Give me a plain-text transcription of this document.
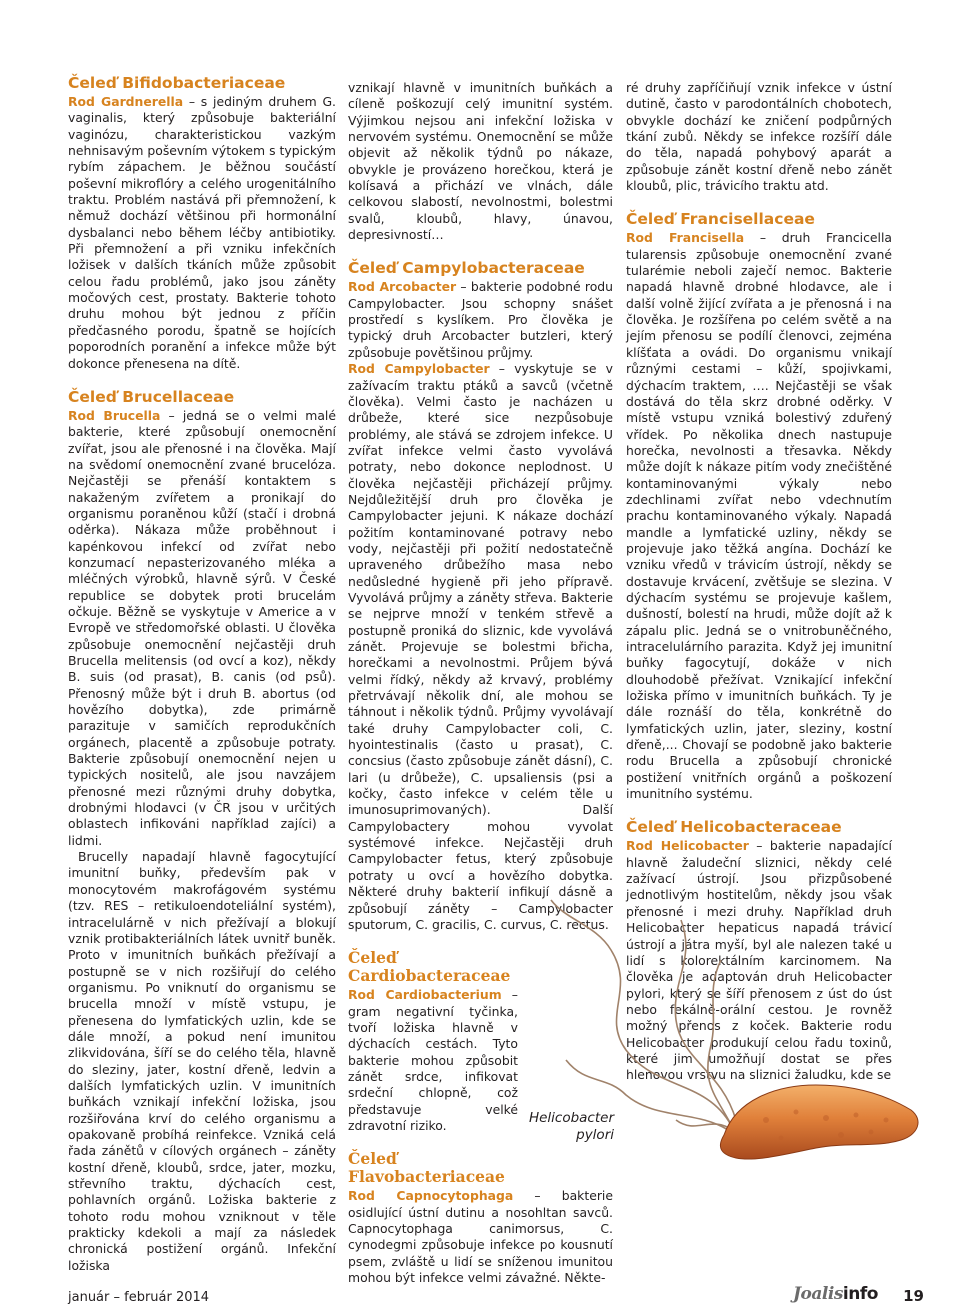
Čeleď Bifidobacteriaceae

Rod Gardnerella – s jediným druhem G. vaginalis, který způsobuje bakteriální vaginózu, charakteristickou vazkým nehnisavým poševním výtokem s typickým rybím zápachem. Je běžnou součástí poševní mikroflóry a celého urogenitálního traktu. Problém nastává při přemnožení, k němuž dochází většinou při hormonální dysbalanci nebo během léčby antibiotiky. Při přemnožení a při vzniku infekčních ložisek v dalších tkáních může způsobit celou řadu problémů, jako jsou záněty močových cest, prostaty. Bakterie tohoto druhu mohou být jednou z příčin předčasného porodu, špatně se hojících poporodních poranění a infekce může být dokonce přenesena na dítě.

Čeleď Brucellaceae

Rod Brucella – jedná se o velmi malé bakterie, které způsobují onemocnění zvířat, jsou ale přenosné i na člověka. Mají na svědomí onemocnění zvané brucelóza. Nejčastěji se přenáší kontaktem s nakaženým zvířetem a pronikají do organismu poraněnou kůží (stačí i drobná oděrka). Nákaza může proběhnout i kapénkovou infekcí od zvířat nebo konzumací nepasterizovaného mléka a mléčných výrobků, hlavně sýrů. V České republice se dobytek proti brucelám očkuje. Běžně se vyskytuje v Americe a v Evropě ve středomořské oblasti. U člověka způsobuje onemocnění nejčastěji druh Brucella melitensis (od ovcí a koz), někdy B. suis (od prasat), B. canis (od psů). Přenosný může být i druh B. abortus (od hovězího dobytka), zde primárně parazituje v samičích reprodukčních orgánech, placentě a způsobuje potraty. Bakterie způsobují onemocnění nejen u typických nositelů, ale jsou navzájem přenosné mezi různými druhy dobytka, drobnými hlodavci (v ČR jsou v určitých oblastech infikováni například zajíci) a lidmi.

Brucelly napadají hlavně fagocytující imunitní buňky, především pak v monocytovém makrofágovém systému (tzv. RES – retikuloendoteliální systém), intracelulárně v nich přežívají a blokují vznik protibakteriálních látek uvnitř buněk. Proto v imunitních buňkách přežívají a postupně se v nich rozšiřují do celého organismu. Po vniknutí do organismu se brucella množí v místě vstupu, je přenesena do lymfatických uzlin, kde se dále množí, a pokud není imunitou zlikvidována, šíří se do celého těla, hlavně do sleziny, jater, kostní dřeně, ledvin a dalších lymfatických uzlin. V imunitních buňkách vznikají infekční ložiska, jsou rozšiřována krví do celého organismu a opakovaně probíhá reinfekce. Vzniká celá řada zánětů v cílových orgánech – záněty kostní dřeně, kloubů, srdce, jater, mozku, střevního traktu, dýchacích cest, pohlavních orgánů. Ložiska bakterie z tohoto rodu mohou vzniknout v těle prakticky kdekoli a mají za následek chronická postižení orgánů. Infekční ložiska

vznikají hlavně v imunitních buňkách a cíleně poškozují celý imunitní systém. Výjimkou nejsou ani infekční ložiska v nervovém systému. Onemocnění se může objevit až několik týdnů po nákaze, obvykle je provázeno horečkou, která je kolísavá a přichází ve vlnách, dále celkovou slabostí, nevolnostmi, bolestmi svalů, kloubů, hlavy, únavou, depresivností…

Čeleď Campylobacteraceae

Rod Arcobacter – bakterie podobné rodu Campylobacter. Jsou schopny snášet prostředí s kyslíkem. Pro člověka je typický druh Arcobacter butzleri, který způsobuje povětšinou průjmy.

Rod Campylobacter – vyskytuje se v zažívacím traktu ptáků a savců (včetně člověka). Velmi často je nacházen u drůbeže, které sice nezpůsobuje problémy, ale stává se zdrojem infekce. U zvířat infekce velmi často vyvolává potraty, nebo dokonce neplodnost. U člověka nejčastěji přicházejí průjmy. Nejdůležitější druh pro člověka je Campylobacter jejuni. K nákaze dochází požitím kontaminované potravy nebo vody, nejčastěji při požití nedostatečně upraveného drůbežího masa nebo nedůsledné hygieně při jeho přípravě. Vyvolává průjmy a záněty střeva. Bakterie se nejprve množí v tenkém střevě a postupně proniká do sliznic, kde vyvolává zánět. Projevuje se bolestmi břicha, horečkami a nevolnostmi. Průjem bývá velmi řídký, někdy až krvavý, problémy přetrvávají několik dní, ale mohou se táhnout i několik týdnů. Průjmy vyvolávají také druhy Campylobacter coli, C. hyointestinalis (často u prasat), C. concsius (často způsobuje zánět dásní), C. lari (u drůbeže), C. upsaliensis (psi a kočky, často infekce v celém těle u imunosuprimovaných). Další Campylobactery mohou vyvolat systémové infekce. Nejčastěji druh Campylobacter fetus, který způsobuje potraty u ovcí a hovězího dobytka. Některé druhy bakterií infikují dásně a způsobují záněty – Campylobacter sputorum, C. gracilis, C. curvus, C. rectus.

Čeleď
Cardiobacteraceae

Rod Cardiobacterium – gram negativní tyčinka, tvoří ložiska hlavně v dýchacích cestách. Tyto bakterie mohou způsobit zánět srdce, infikovat srdeční chlopně, což představuje velké zdravotní riziko.

Čeleď
Flavobacteriaceae

Rod Capnocytophaga – bakterie osidlující ústní dutinu a nosohltan savců. Capnocytophaga canimorsus, C. cynodegmi způsobuje infekce po kousnutí psem, zvláště u lidí se sníženou imunitou mohou být infekce velmi závažné. Někte-

ré druhy zapříčiňují vznik infekce v ústní dutině, často v parodontálních chobotech, obvykle dochází ke zničení podpůrných tkání zubů. Někdy se infekce rozšíří dále do těla, napadá pohybový aparát a způsobuje zánět kostní dřeně nebo zánět kloubů, plic, trávicího traktu atd.

Čeleď Francisellaceae

Rod Francisella – druh Francicella tularensis způsobuje onemocnění zvané tularémie neboli zaječí nemoc. Bakterie napadá hlavně drobné hlodavce, ale i další volně žijící zvířata a je přenosná i na člověka. Je rozšířena po celém světě a na jejím přenosu se podílí členovci, zejména klíšťata a ovádi. Do organismu vnikají různými cestami – kůží, spojivkami, dýchacím traktem, …. Nejčastěji se však dostává do těla skrz drobné oděrky. V místě vstupu vzniká bolestivý zduřený vřídek. Po několika dnech nastupuje horečka, nevolnosti a třesavka. Někdy může dojít k nákaze pitím vody znečištěné kontaminovanými výkaly nebo zdechlinami zvířat nebo vdechnutím prachu kontaminovaného výkaly. Napadá mandle a lymfatické uzliny, někdy se projevuje jako těžká angína. Dochází ke vzniku vředů v trávicím ústrojí, někdy se dostavuje krvácení, zvětšuje se slezina. V dýchacím systému se projevuje kašlem, dušností, bolestí na hrudi, může dojít až k zápalu plic. Jedná se o vnitrobuněčného, intracelulárního parazita. Když jej imunitní buňky fagocytují, dokáže v nich dlouhodobě přežívat. Vznikající infekční ložiska přímo v imunitních buňkách. Ty je dále roznáší do těla, konkrétně do lymfatických uzlin, jater, sleziny, kostní dřeně,... Chovají se podobně jako bakterie rodu Brucella a způsobují chronické postižení vnitřních orgánů a poškození imunitního systému.

Čeleď Helicobacteraceae

Rod Helicobacter – bakterie napadající hlavně žaludeční sliznici, někdy celé zažívací ústrojí. Jsou přizpůsobené jednotlivým hostitelům, někdy jsou však přenosné i mezi druhy. Například druh Helicobacter hepaticus napadá trávicí ústrojí a játra myší, byl ale nalezen také u lidí s kolorektálním karcinomem. Na člověka je adaptován druh Helicobacter pylori, který se šíří přenosem z úst do úst nebo fekálně-orální cestou. Je rovněž možný přenos z koček. Bakterie rodu Helicobacter produkují celou řadu toxinů, které jim umožňují dostat se přes hlenovou vrstvu na sliznici žaludku, kde se

Helicobacter
pylori
január – február 2014	Joalisinfo 19
